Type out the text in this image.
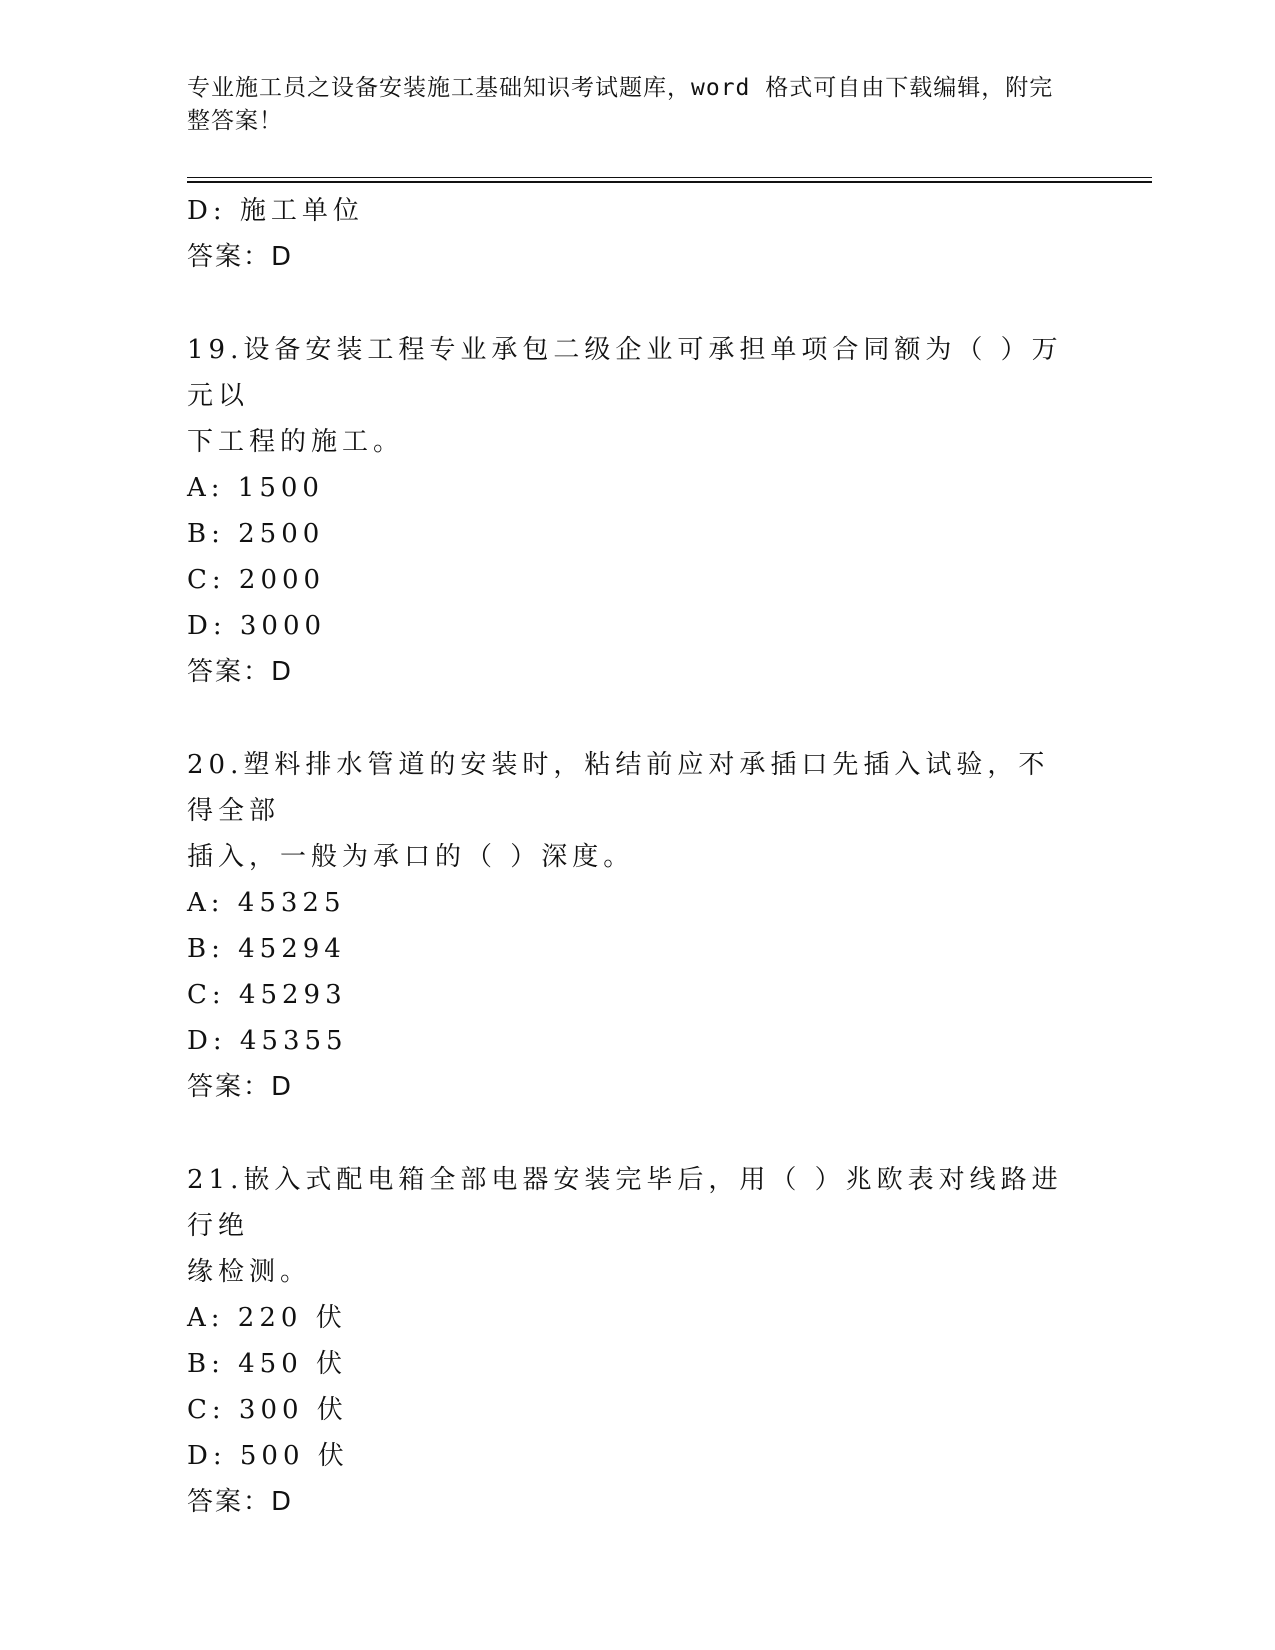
专业施工员之设备安装施工基础知识考试题库，word 格式可自由下载编辑，附完
整答案！
D: 施工单位
答案：D
19.设备安装工程专业承包二级企业可承担单项合同额为（ ）万元以
下工程的施工。
A: 1500
B: 2500
C: 2000
D: 3000
答案：D
20.塑料排水管道的安装时，粘结前应对承插口先插入试验，不得全部
插入，一般为承口的（ ）深度。
A: 45325
B: 45294
C: 45293
D: 45355
答案：D
21.嵌入式配电箱全部电器安装完毕后，用（ ）兆欧表对线路进行绝
缘检测。
A: 220 伏
B: 450 伏
C: 300 伏
D: 500 伏
答案：D
